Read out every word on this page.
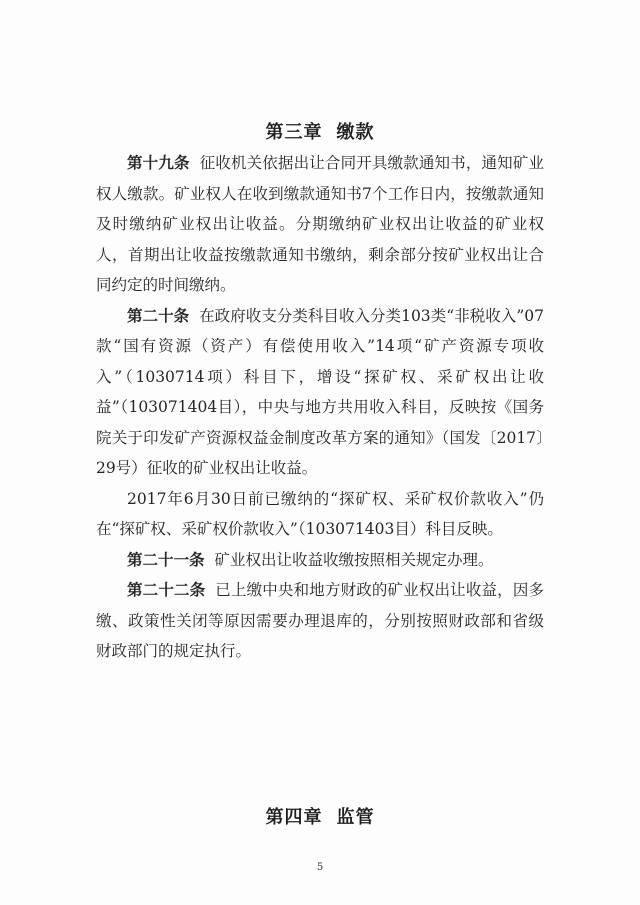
第三章 缴款

第十九条 征收机关依据出让合同开具缴款通知书，通知矿业权人缴款。矿业权人在收到缴款通知书7个工作日内，按缴款通知及时缴纳矿业权出让收益。分期缴纳矿业权出让收益的矿业权人，首期出让收益按缴款通知书缴纳，剩余部分按矿业权出让合同约定的时间缴纳。

第二十条 在政府收支分类科目收入分类103类“非税收入”07款“国有资源（资产）有偿使用收入”14项“矿产资源专项收入”（1030714项）科目下，增设“探矿权、采矿权出让收益”（103071404目），中央与地方共用收入科目，反映按《国务院关于印发矿产资源权益金制度改革方案的通知》（国发〔2017〕29号）征收的矿业权出让收益。

2017年6月30日前已缴纳的“探矿权、采矿权价款收入”仍在“探矿权、采矿权价款收入”（103071403目）科目反映。

第二十一条 矿业权出让收益收缴按照相关规定办理。

第二十二条 已上缴中央和地方财政的矿业权出让收益，因多缴、政策性关闭等原因需要办理退库的，分别按照财政部和省级财政部门的规定执行。

第四章 监管
5
